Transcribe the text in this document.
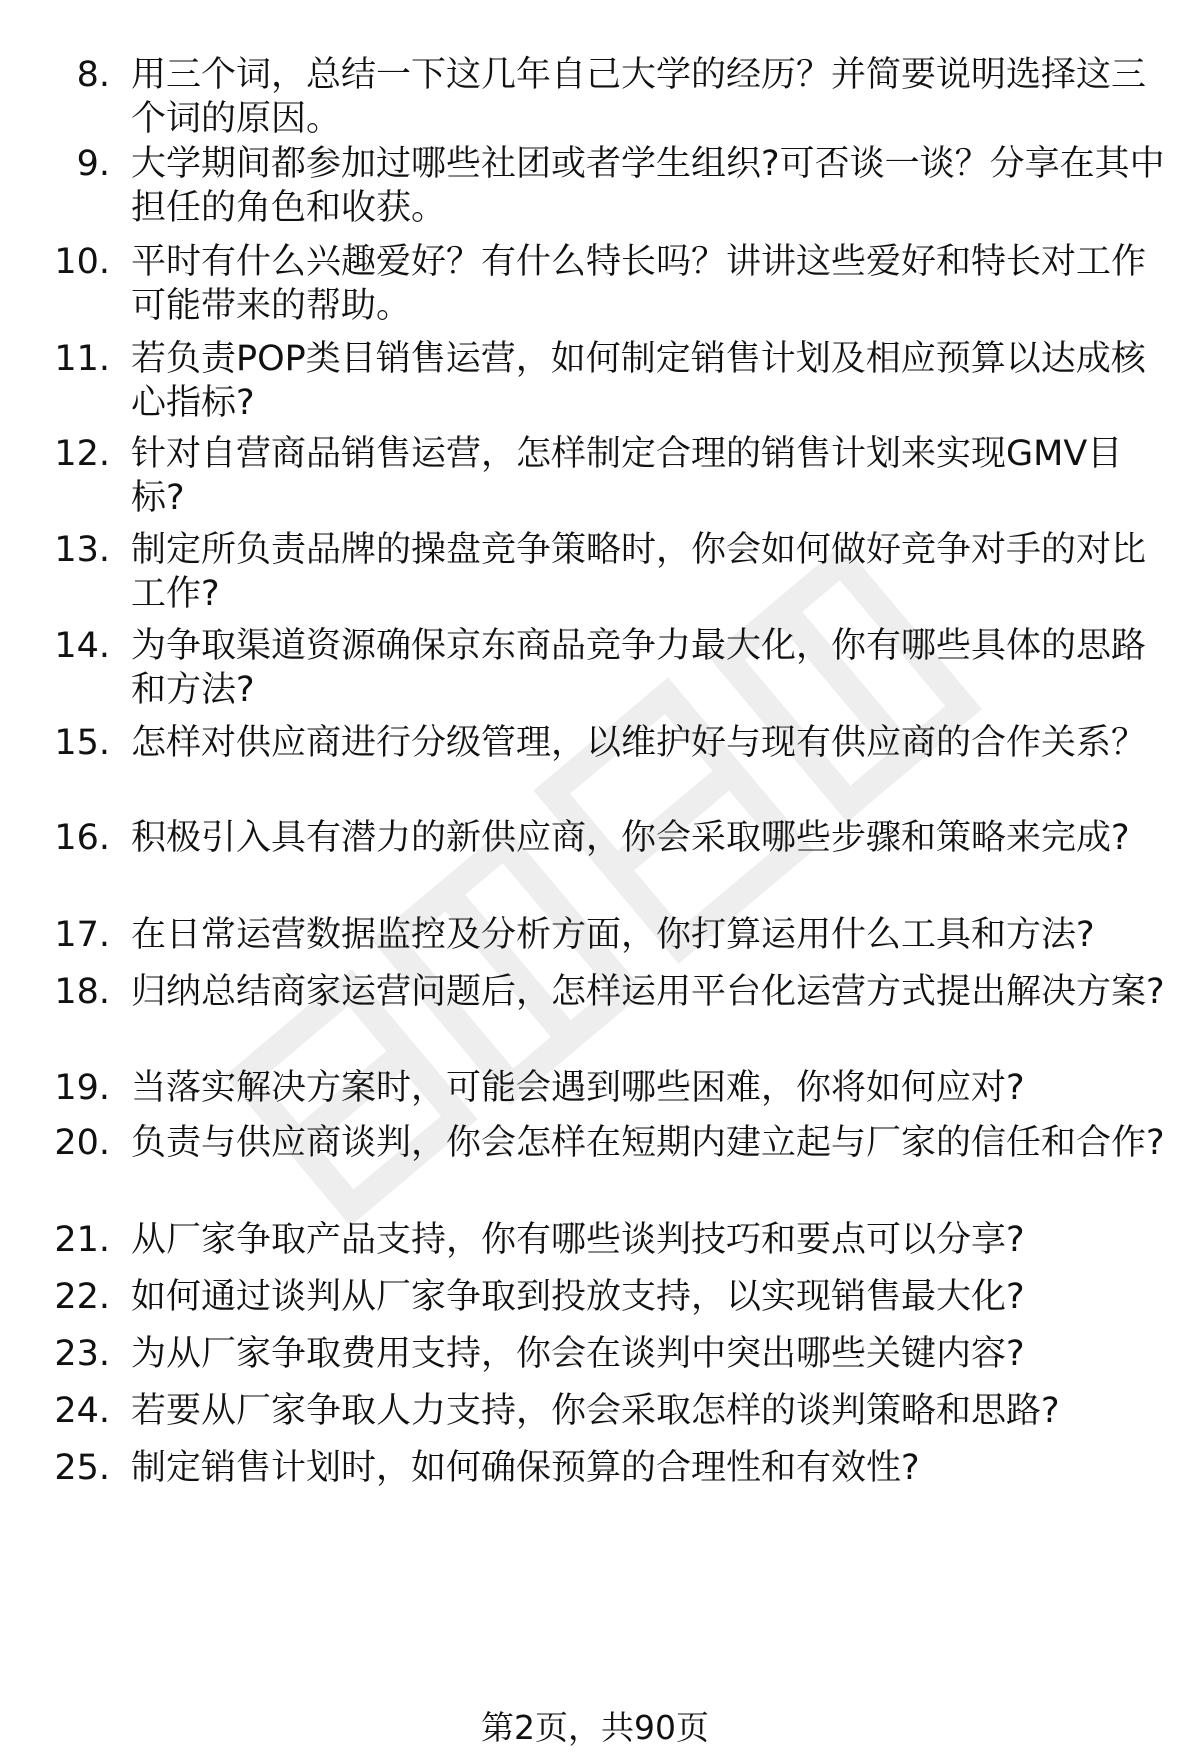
8. 用三个词，总结一下这几年自己大学的经历？并简要说明选择这三个词的原因。
9. 大学期间都参加过哪些社团或者学生组织?可否谈一谈？分享在其中担任的角色和收获。
10. 平时有什么兴趣爱好？有什么特长吗？讲讲这些爱好和特长对工作可能带来的帮助。
11. 若负责POP类目销售运营，如何制定销售计划及相应预算以达成核心指标?
12. 针对自营商品销售运营，怎样制定合理的销售计划来实现GMV目标?
13. 制定所负责品牌的操盘竞争策略时，你会如何做好竞争对手的对比工作?
14. 为争取渠道资源确保京东商品竞争力最大化，你有哪些具体的思路和方法?
15. 怎样对供应商进行分级管理，以维护好与现有供应商的合作关系？
16. 积极引入具有潜力的新供应商，你会采取哪些步骤和策略来完成?
17. 在日常运营数据监控及分析方面，你打算运用什么工具和方法?
18. 归纳总结商家运营问题后，怎样运用平台化运营方式提出解决方案?
19. 当落实解决方案时，可能会遇到哪些困难，你将如何应对?
20. 负责与供应商谈判，你会怎样在短期内建立起与厂家的信任和合作?
21. 从厂家争取产品支持，你有哪些谈判技巧和要点可以分享?
22. 如何通过谈判从厂家争取到投放支持，以实现销售最大化?
23. 为从厂家争取费用支持，你会在谈判中突出哪些关键内容?
24. 若要从厂家争取人力支持，你会采取怎样的谈判策略和思路?
25. 制定销售计划时，如何确保预算的合理性和有效性?
第2页，共90页
